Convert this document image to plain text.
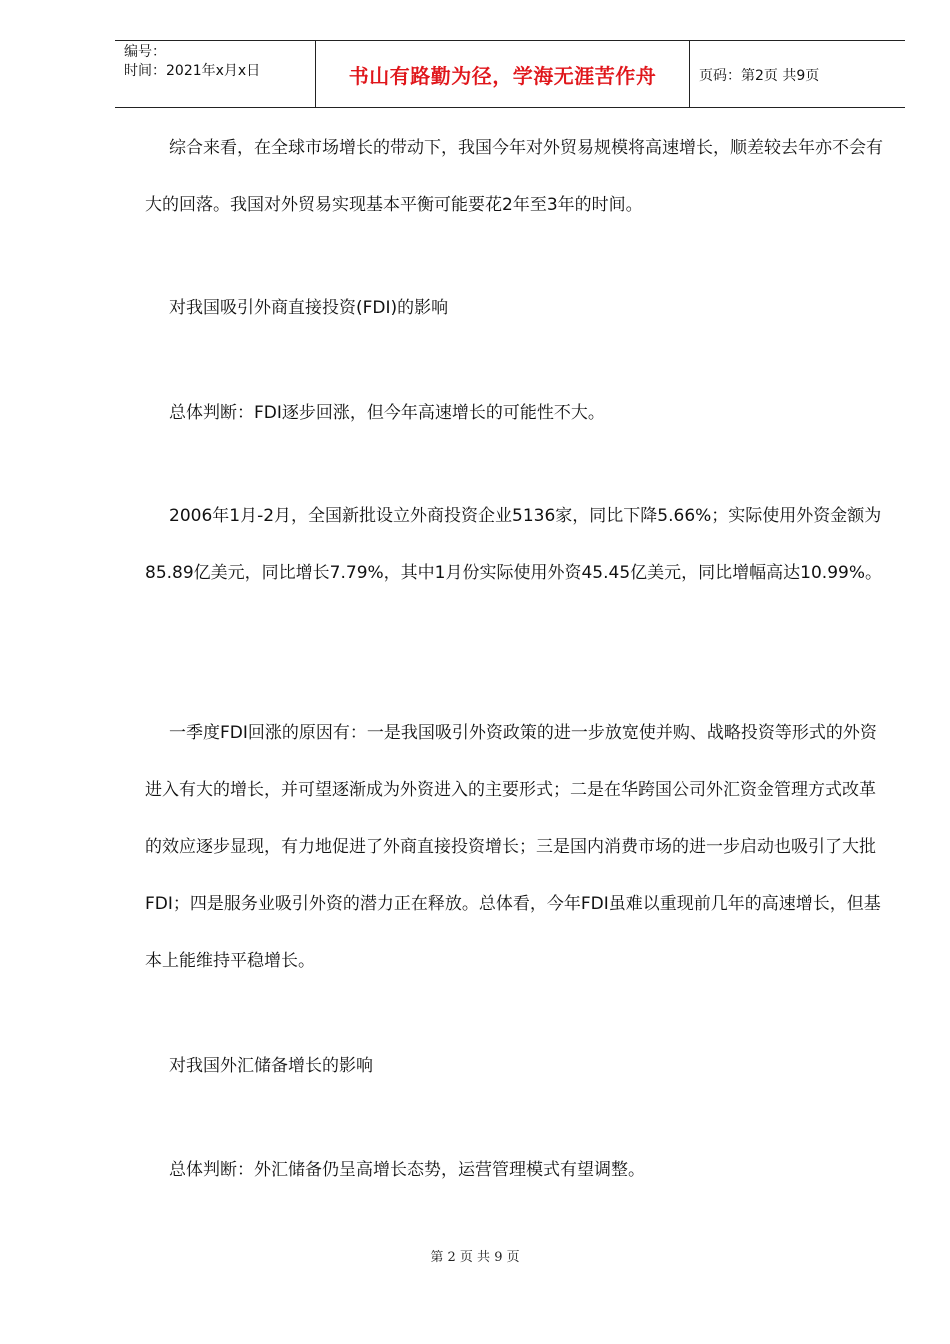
编号：
时间：2021年x月x日	书山有路勤为径，学海无涯苦作舟	页码：第2页 共9页

综合来看，在全球市场增长的带动下，我国今年对外贸易规模将高速增长，顺差较去年亦不会有大的回落。我国对外贸易实现基本平衡可能要花2年至3年的时间。

对我国吸引外商直接投资(FDI)的影响

总体判断：FDI逐步回涨，但今年高速增长的可能性不大。

2006年1月-2月，全国新批设立外商投资企业5136家，同比下降5.66%；实际使用外资金额为85.89亿美元，同比增长7.79%，其中1月份实际使用外资45.45亿美元，同比增幅高达10.99%。

一季度FDI回涨的原因有：一是我国吸引外资政策的进一步放宽使并购、战略投资等形式的外资进入有大的增长，并可望逐渐成为外资进入的主要形式；二是在华跨国公司外汇资金管理方式改革的效应逐步显现，有力地促进了外商直接投资增长；三是国内消费市场的进一步启动也吸引了大批FDI；四是服务业吸引外资的潜力正在释放。总体看，今年FDI虽难以重现前几年的高速增长，但基本上能维持平稳增长。

对我国外汇储备增长的影响

总体判断：外汇储备仍呈高增长态势，运营管理模式有望调整。

第 2 页 共 9 页
